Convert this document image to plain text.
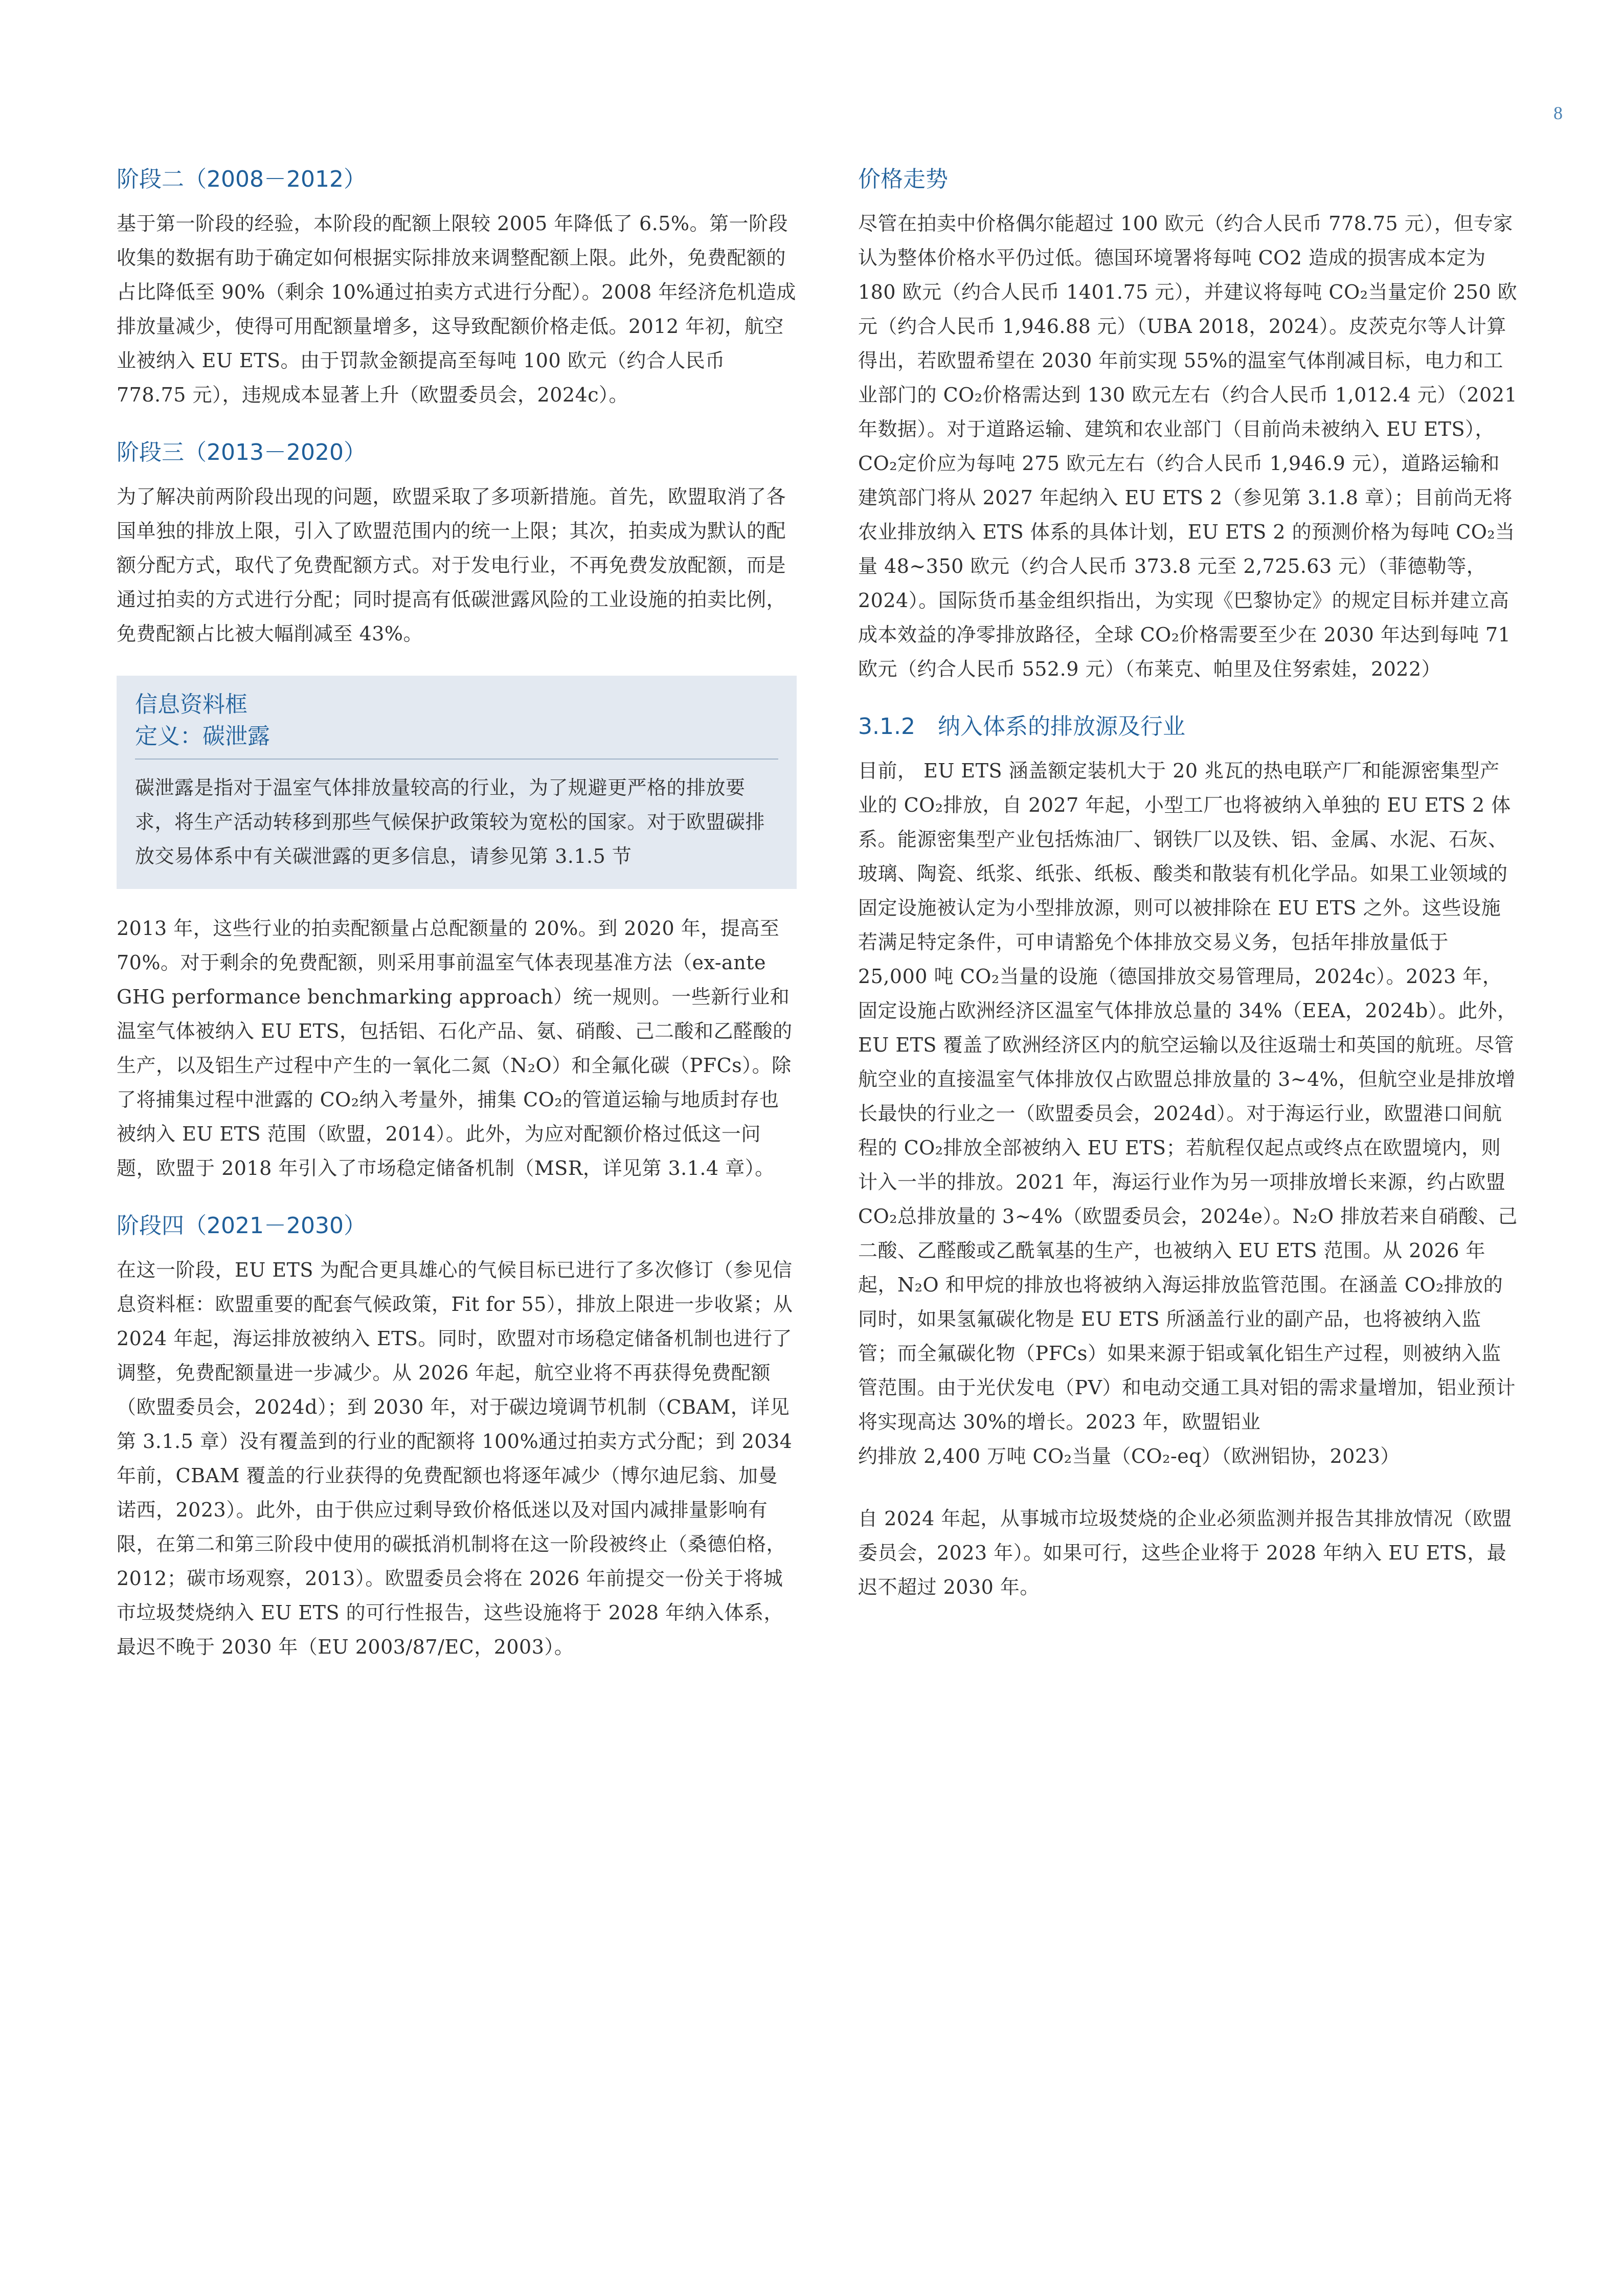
8
阶段二（2008－2012）

基于第一阶段的经验，本阶段的配额上限较 2005 年降低了 6.5%。第一阶段收集的数据有助于确定如何根据实际排放来调整配额上限。此外，免费配额的占比降低至 90%（剩余 10%通过拍卖方式进行分配）。2008 年经济危机造成排放量减少，使得可用配额量增多，这导致配额价格走低。2012 年初，航空业被纳入 EU ETS。由于罚款金额提高至每吨 100 欧元（约合人民币 778.75 元），违规成本显著上升（欧盟委员会，2024c）。

阶段三（2013－2020）

为了解决前两阶段出现的问题，欧盟采取了多项新措施。首先，欧盟取消了各国单独的排放上限，引入了欧盟范围内的统一上限；其次，拍卖成为默认的配额分配方式，取代了免费配额方式。对于发电行业，不再免费发放配额，而是通过拍卖的方式进行分配；同时提高有低碳泄露风险的工业设施的拍卖比例，免费配额占比被大幅削减至 43%。

信息资料框
定义：碳泄露

碳泄露是指对于温室气体排放量较高的行业，为了规避更严格的排放要求，将生产活动转移到那些气候保护政策较为宽松的国家。对于欧盟碳排放交易体系中有关碳泄露的更多信息，请参见第 3.1.5 节

2013 年，这些行业的拍卖配额量占总配额量的 20%。到 2020 年，提高至 70%。对于剩余的免费配额，则采用事前温室气体表现基准方法（ex-ante GHG performance benchmarking approach）统一规则。一些新行业和温室气体被纳入 EU ETS，包括铝、石化产品、氨、硝酸、己二酸和乙醛酸的生产，以及铝生产过程中产生的一氧化二氮（N₂O）和全氟化碳（PFCs）。除了将捕集过程中泄露的 CO₂纳入考量外，捕集 CO₂的管道运输与地质封存也被纳入 EU ETS 范围（欧盟，2014）。此外，为应对配额价格过低这一问题，欧盟于 2018 年引入了市场稳定储备机制（MSR，详见第 3.1.4 章）。

阶段四（2021－2030）

在这一阶段，EU ETS 为配合更具雄心的气候目标已进行了多次修订（参见信息资料框：欧盟重要的配套气候政策，Fit for 55），排放上限进一步收紧；从 2024 年起，海运排放被纳入 ETS。同时，欧盟对市场稳定储备机制也进行了调整，免费配额量进一步减少。从 2026 年起，航空业将不再获得免费配额（欧盟委员会，2024d）；到 2030 年，对于碳边境调节机制（CBAM，详见第 3.1.5 章）没有覆盖到的行业的配额将 100%通过拍卖方式分配；到 2034 年前，CBAM 覆盖的行业获得的免费配额也将逐年减少（博尔迪尼翁、加曼诺西，2023）。此外，由于供应过剩导致价格低迷以及对国内减排量影响有限，在第二和第三阶段中使用的碳抵消机制将在这一阶段被终止（桑德伯格，2012；碳市场观察，2013）。欧盟委员会将在 2026 年前提交一份关于将城市垃圾焚烧纳入 EU ETS 的可行性报告，这些设施将于 2028 年纳入体系，最迟不晚于 2030 年（EU 2003/87/EC，2003）。

价格走势

尽管在拍卖中价格偶尔能超过 100 欧元（约合人民币 778.75 元），但专家认为整体价格水平仍过低。德国环境署将每吨 CO2 造成的损害成本定为 180 欧元（约合人民币 1401.75 元），并建议将每吨 CO₂当量定价 250 欧元（约合人民币 1,946.88 元）（UBA 2018，2024）。皮茨克尔等人计算得出，若欧盟希望在 2030 年前实现 55%的温室气体削减目标，电力和工业部门的 CO₂价格需达到 130 欧元左右（约合人民币 1,012.4 元）（2021 年数据）。对于道路运输、建筑和农业部门（目前尚未被纳入 EU ETS），CO₂定价应为每吨 275 欧元左右（约合人民币 1,946.9 元），道路运输和建筑部门将从 2027 年起纳入 EU ETS 2（参见第 3.1.8 章）；目前尚无将农业排放纳入 ETS 体系的具体计划，EU ETS 2 的预测价格为每吨 CO₂当量 48~350 欧元（约合人民币 373.8 元至 2,725.63 元）（菲德勒等，2024）。国际货币基金组织指出，为实现《巴黎协定》的规定目标并建立高成本效益的净零排放路径，全球 CO₂价格需要至少在 2030 年达到每吨 71 欧元（约合人民币 552.9 元）（布莱克、帕里及住努索娃，2022）

3.1.2　纳入体系的排放源及行业

目前， EU ETS 涵盖额定装机大于 20 兆瓦的热电联产厂和能源密集型产业的 CO₂排放，自 2027 年起，小型工厂也将被纳入单独的 EU ETS 2 体系。能源密集型产业包括炼油厂、钢铁厂以及铁、铝、金属、水泥、石灰、玻璃、陶瓷、纸浆、纸张、纸板、酸类和散装有机化学品。如果工业领域的固定设施被认定为小型排放源，则可以被排除在 EU ETS 之外。这些设施若满足特定条件，可申请豁免个体排放交易义务，包括年排放量低于 25,000 吨 CO₂当量的设施（德国排放交易管理局，2024c）。2023 年，固定设施占欧洲经济区温室气体排放总量的 34%（EEA，2024b）。此外，EU ETS 覆盖了欧洲经济区内的航空运输以及往返瑞士和英国的航班。尽管航空业的直接温室气体排放仅占欧盟总排放量的 3~4%，但航空业是排放增长最快的行业之一（欧盟委员会，2024d）。对于海运行业，欧盟港口间航程的 CO₂排放全部被纳入 EU ETS；若航程仅起点或终点在欧盟境内，则计入一半的排放。2021 年，海运行业作为另一项排放增长来源，约占欧盟 CO₂总排放量的 3~4%（欧盟委员会，2024e）。N₂O 排放若来自硝酸、己二酸、乙醛酸或乙酰氧基的生产，也被纳入 EU ETS 范围。从 2026 年起，N₂O 和甲烷的排放也将被纳入海运排放监管范围。在涵盖 CO₂排放的同时，如果氢氟碳化物是 EU ETS 所涵盖行业的副产品，也将被纳入监管；而全氟碳化物（PFCs）如果来源于铝或氧化铝生产过程，则被纳入监管范围。由于光伏发电（PV）和电动交通工具对铝的需求量增加，铝业预计将实现高达 30%的增长。2023 年，欧盟铝业

约排放 2,400 万吨 CO₂当量（CO₂-eq）（欧洲铝协，2023）

自 2024 年起，从事城市垃圾焚烧的企业必须监测并报告其排放情况（欧盟委员会，2023 年）。如果可行，这些企业将于 2028 年纳入 EU ETS，最迟不超过 2030 年。
